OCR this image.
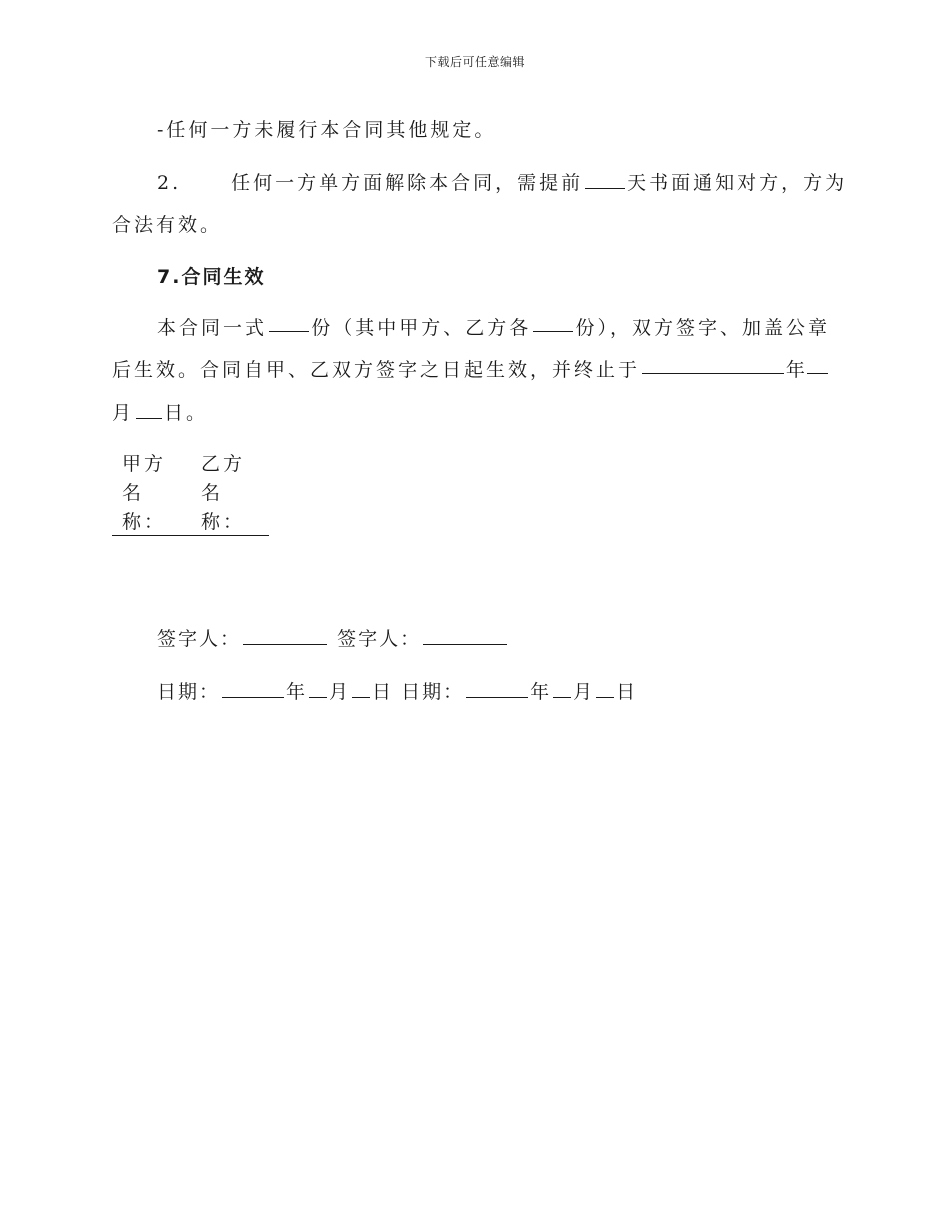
下载后可任意编辑
-任何一方未履行本合同其他规定。
2.	任何一方单方面解除本合同，需提前 天书面通知对方，方为
合法有效。
7.合同生效
本合同一式 份（其中甲方、乙方各 份），双方签字、加盖公章
后生效。合同自甲、乙双方签字之日起生效，并终止于	年
月 日。
甲方
名
称：
乙方
名
称：
签字人：	签字人：
日期：	年 月 日 日期：	年 月 日
